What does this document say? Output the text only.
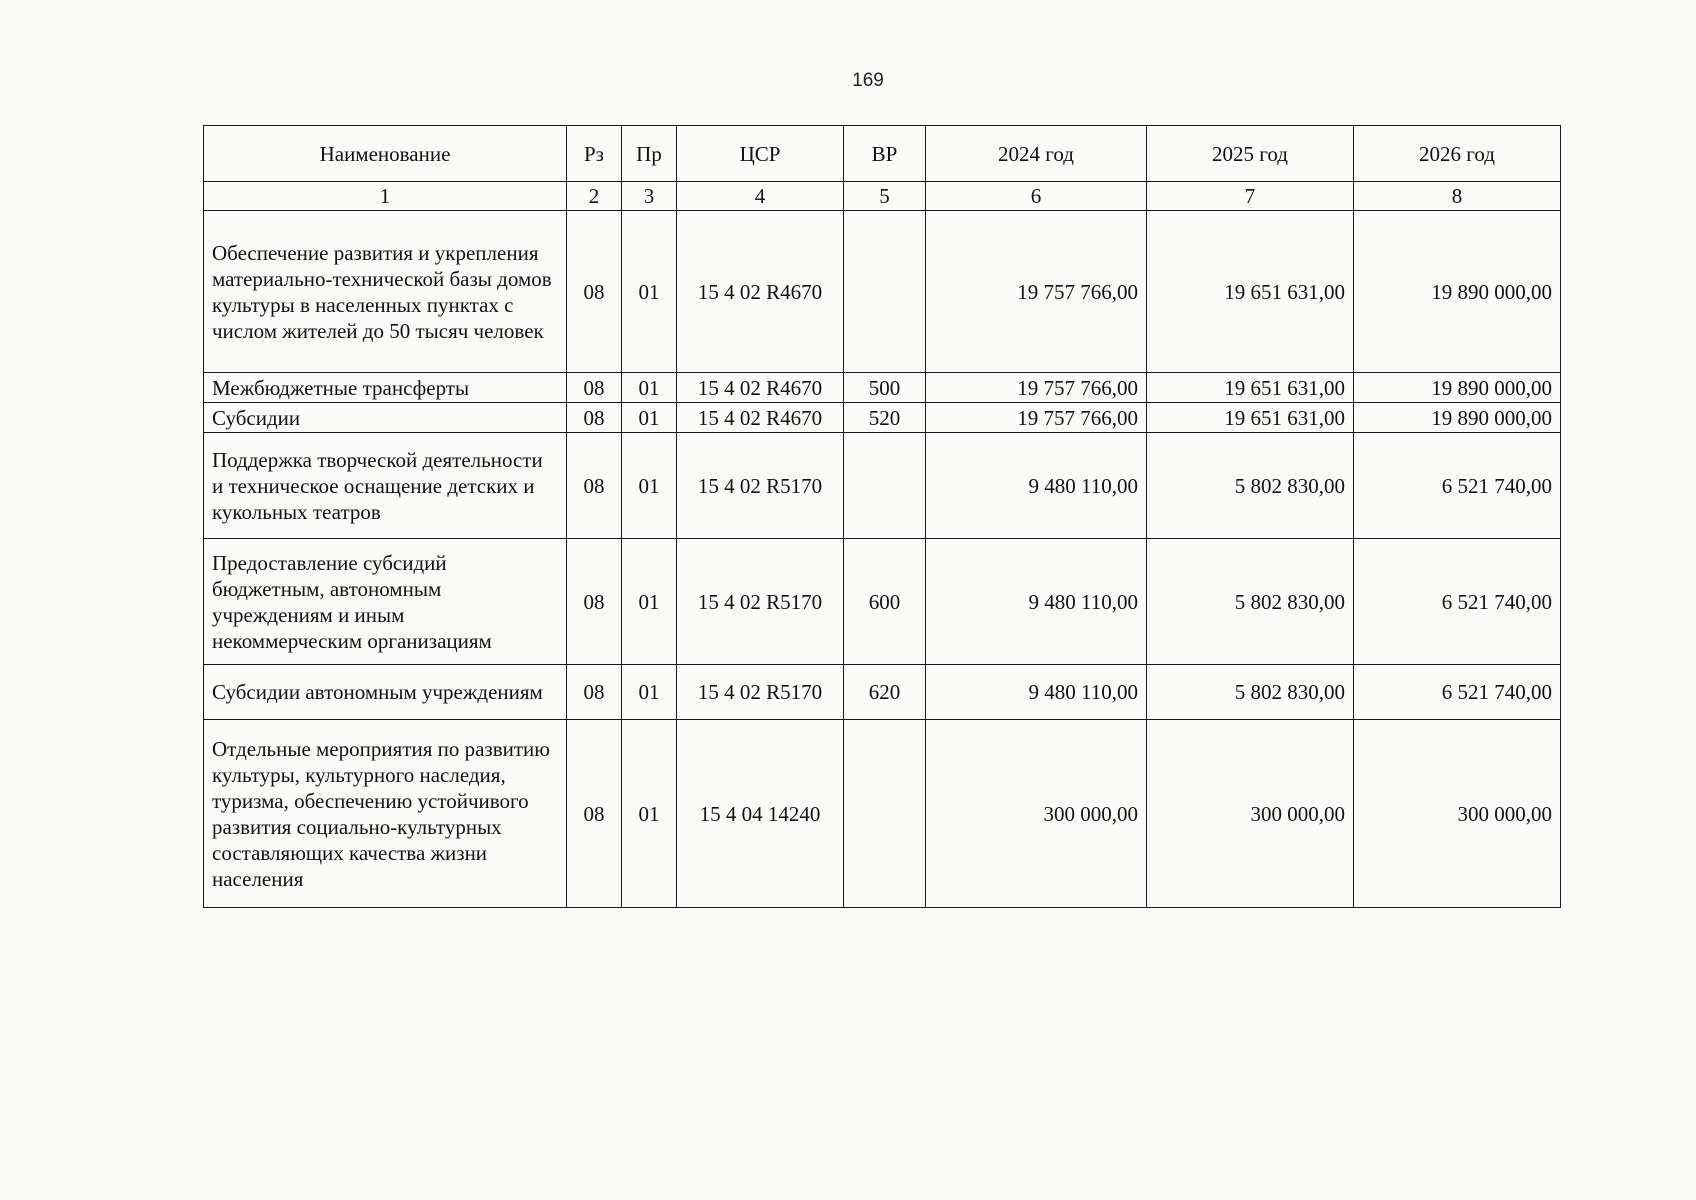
169
Наименование	Рз	Пр	ЦСР	ВР	2024 год	2025 год	2026 год
1	2	3	4	5	6	7	8
Обеспечение развития и укрепления материально-технической базы домов культуры в населенных пунктах с числом жителей до 50 тысяч человек	08	01	15 4 02 R4670		19 757 766,00	19 651 631,00	19 890 000,00
Межбюджетные трансферты	08	01	15 4 02 R4670	500	19 757 766,00	19 651 631,00	19 890 000,00
Субсидии	08	01	15 4 02 R4670	520	19 757 766,00	19 651 631,00	19 890 000,00
Поддержка творческой деятельности и техническое оснащение детских и кукольных театров	08	01	15 4 02 R5170		9 480 110,00	5 802 830,00	6 521 740,00
Предоставление субсидий бюджетным, автономным учреждениям и иным некоммерческим организациям	08	01	15 4 02 R5170	600	9 480 110,00	5 802 830,00	6 521 740,00
Субсидии автономным учреждениям	08	01	15 4 02 R5170	620	9 480 110,00	5 802 830,00	6 521 740,00
Отдельные мероприятия по развитию культуры, культурного наследия, туризма, обеспечению устойчивого развития социально-культурных составляющих качества жизни населения	08	01	15 4 04 14240		300 000,00	300 000,00	300 000,00
